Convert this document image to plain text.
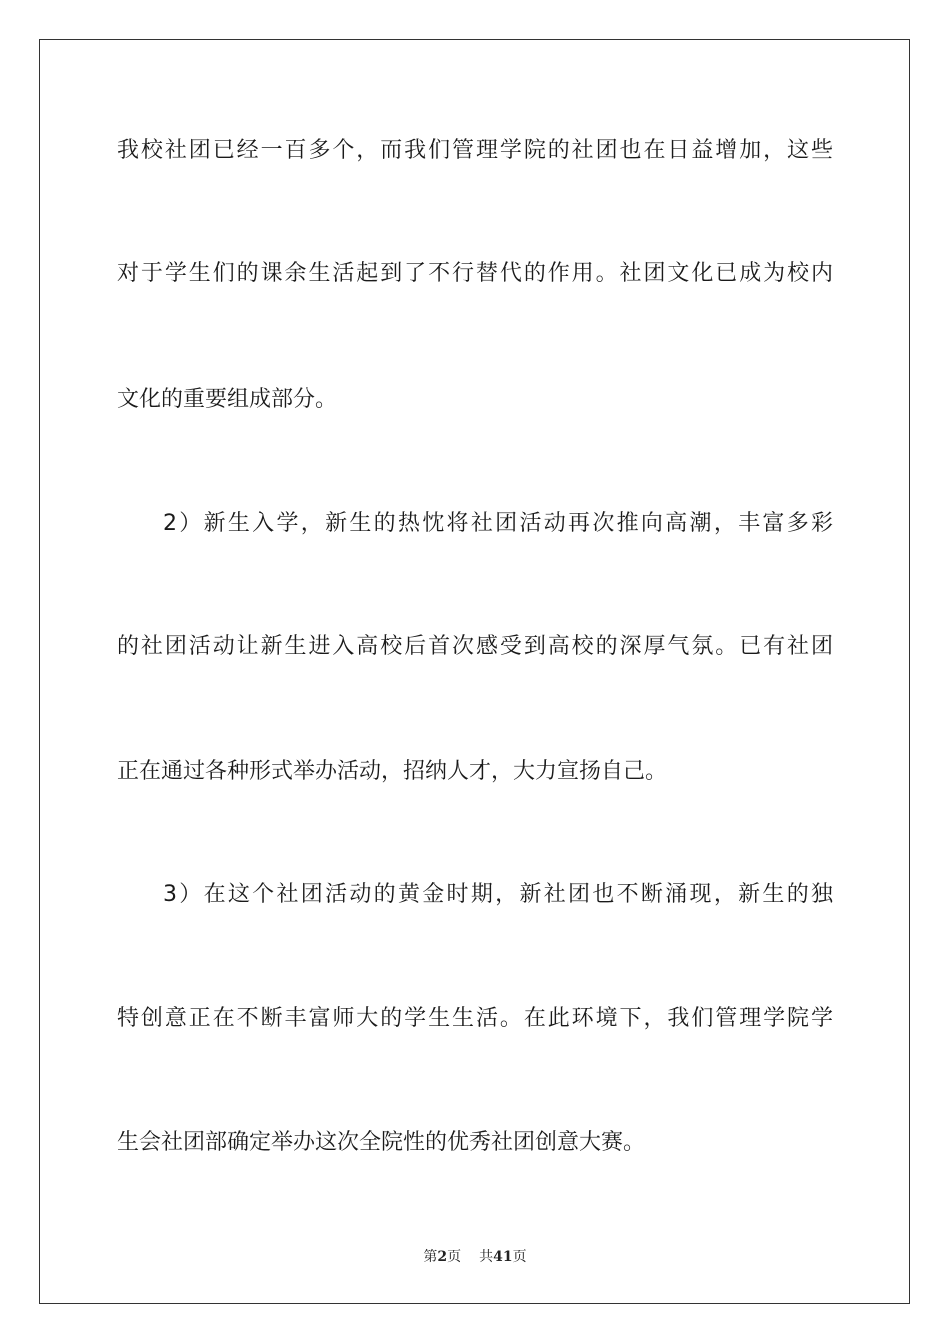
我校社团已经一百多个，而我们管理学院的社团也在日益增加，这些
对于学生们的课余生活起到了不行替代的作用。社团文化已成为校内
文化的重要组成部分。
2）新生入学，新生的热忱将社团活动再次推向高潮，丰富多彩
的社团活动让新生进入高校后首次感受到高校的深厚气氛。已有社团
正在通过各种形式举办活动，招纳人才，大力宣扬自己。
3）在这个社团活动的黄金时期，新社团也不断涌现，新生的独
特创意正在不断丰富师大的学生生活。在此环境下，我们管理学院学
生会社团部确定举办这次全院性的优秀社团创意大赛。
第2页 共41页
